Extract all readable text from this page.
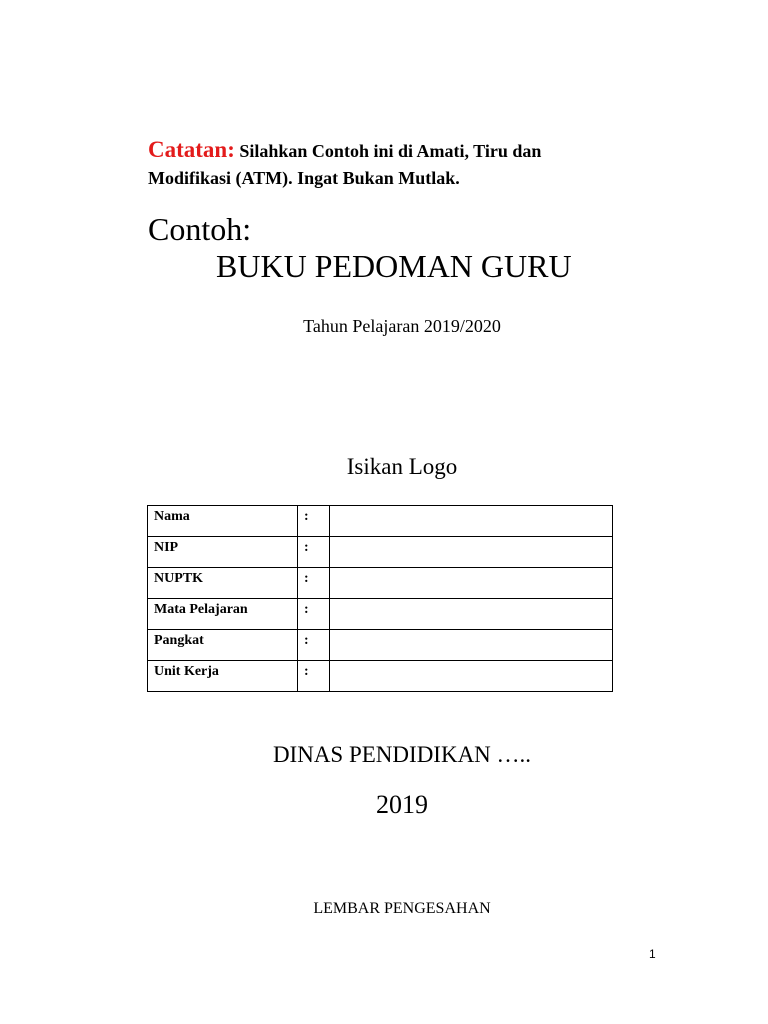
Catatan: Silahkan Contoh ini di Amati, Tiru dan Modifikasi (ATM). Ingat Bukan Mutlak.
Contoh:
BUKU PEDOMAN GURU
Tahun Pelajaran 2019/2020
Isikan Logo
Nama	:	
NIP	:	
NUPTK	:	
Mata Pelajaran	:	
Pangkat	:	
Unit Kerja	:	
DINAS PENDIDIKAN …..
2019
LEMBAR PENGESAHAN
1
